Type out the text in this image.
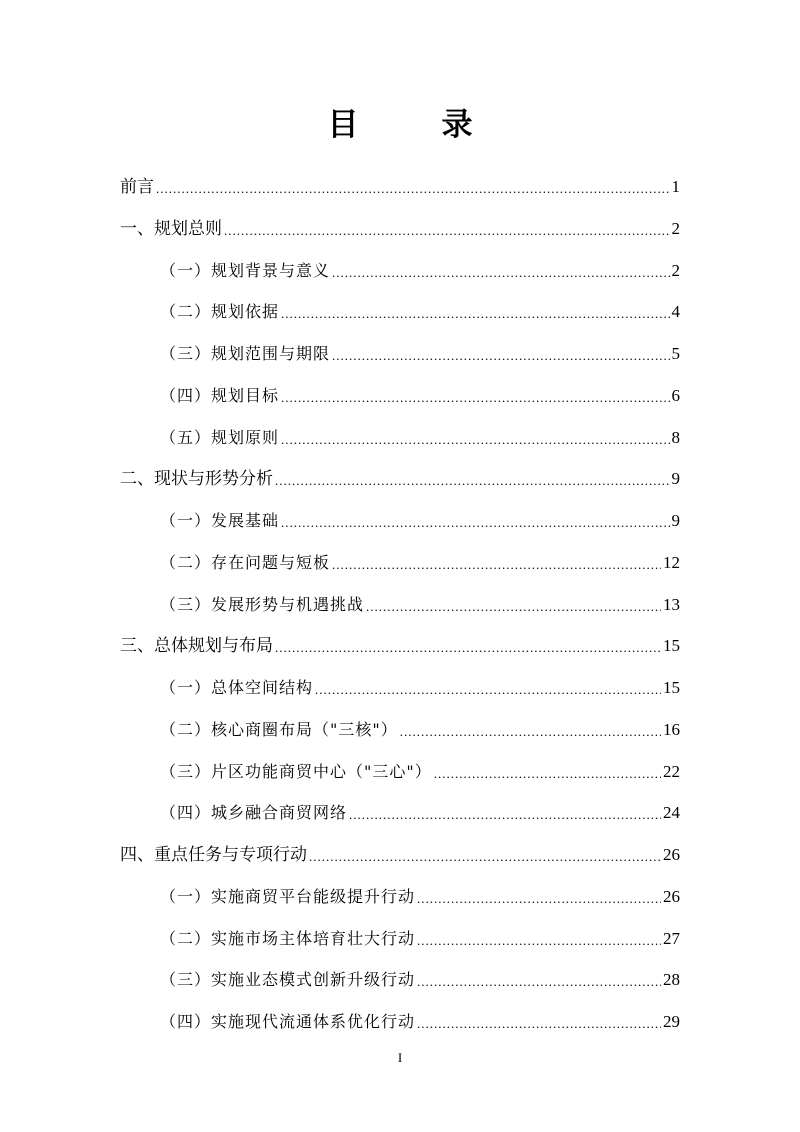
目　录
前言 .....	1
一、规划总则 .....	2
（一）规划背景与意义 .....	2
（二）规划依据 .....	4
（三）规划范围与期限 .....	5
（四）规划目标 .....	6
（五）规划原则 .....	8
二、现状与形势分析 .....	9
（一）发展基础 .....	9
（二）存在问题与短板 .....	12
（三）发展形势与机遇挑战 .....	13
三、总体规划与布局 .....	15
（一）总体空间结构 .....	15
（二）核心商圈布局（"三核"） .....	16
（三）片区功能商贸中心（"三心"） .....	22
（四）城乡融合商贸网络 .....	24
四、重点任务与专项行动 .....	26
（一）实施商贸平台能级提升行动 .....	26
（二）实施市场主体培育壮大行动 .....	27
（三）实施业态模式创新升级行动 .....	28
（四）实施现代流通体系优化行动 .....	29
I
